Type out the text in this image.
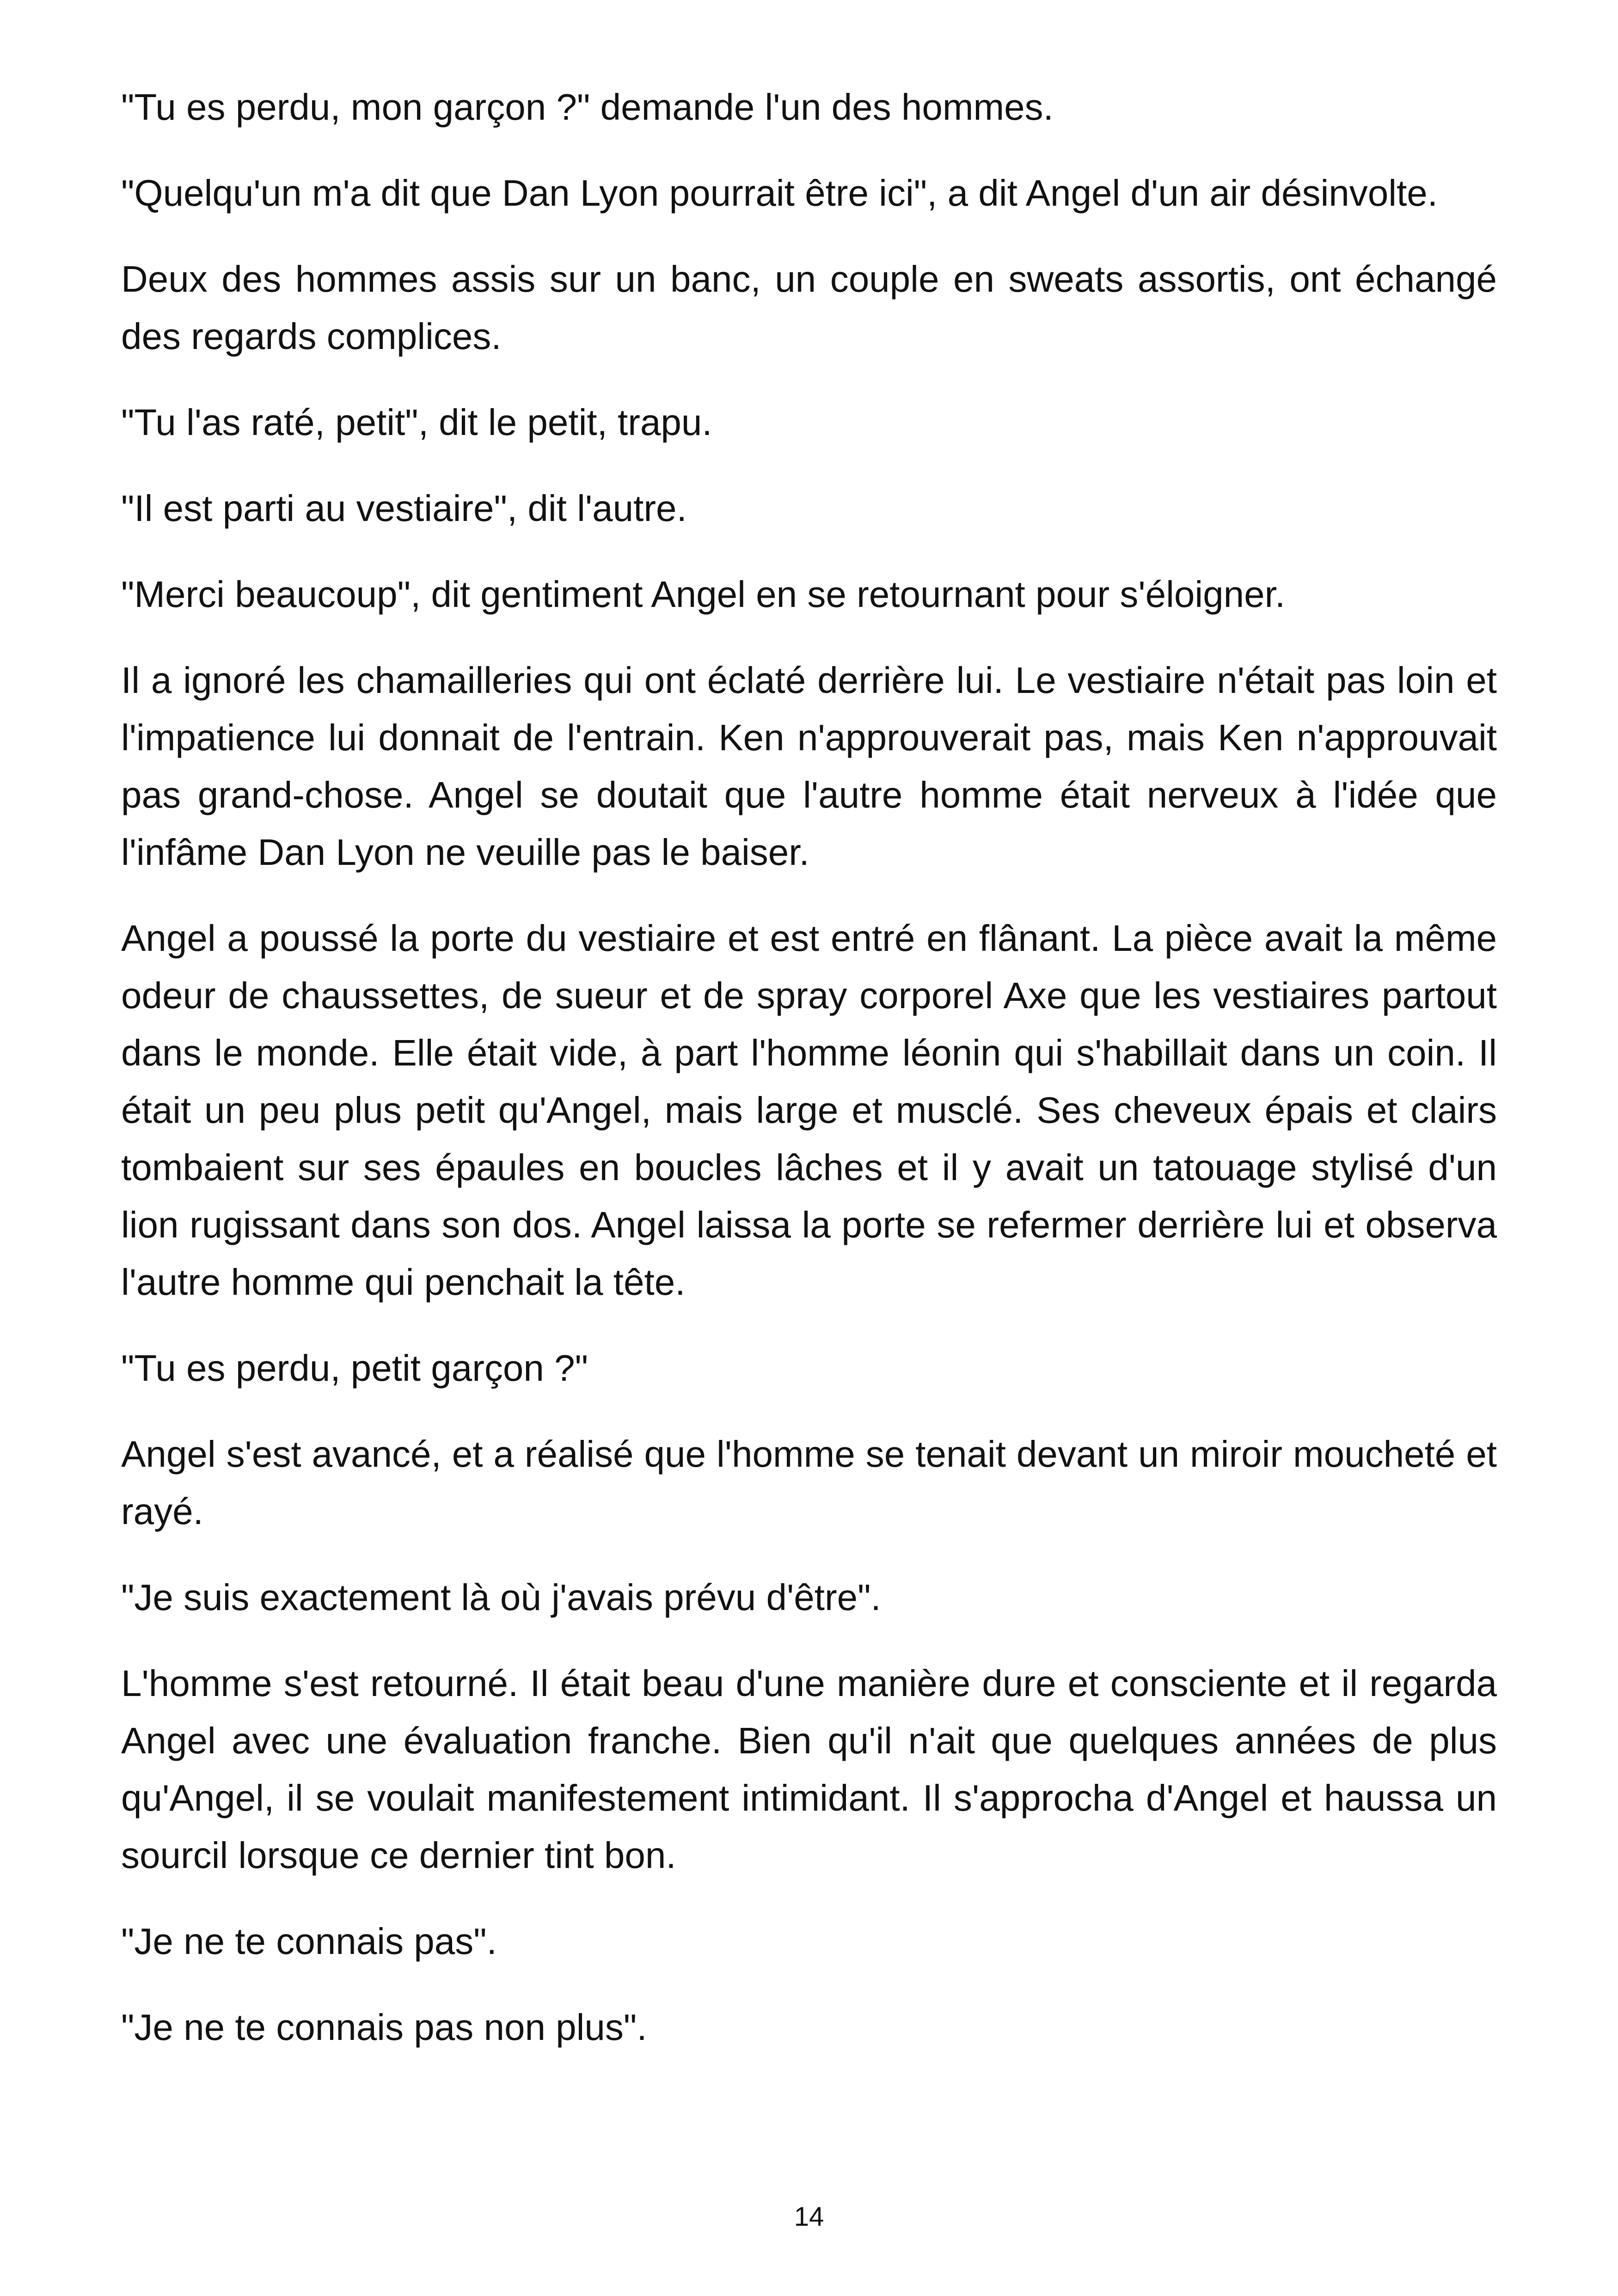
"Tu es perdu, mon garçon ?" demande l'un des hommes.

"Quelqu'un m'a dit que Dan Lyon pourrait être ici", a dit Angel d'un air désinvolte.

Deux des hommes assis sur un banc, un couple en sweats assortis, ont échangé des regards complices.

"Tu l'as raté, petit", dit le petit, trapu.

"Il est parti au vestiaire", dit l'autre.

"Merci beaucoup", dit gentiment Angel en se retournant pour s'éloigner.

Il a ignoré les chamailleries qui ont éclaté derrière lui. Le vestiaire n'était pas loin et l'impatience lui donnait de l'entrain. Ken n'approuverait pas, mais Ken n'approuvait pas grand-chose. Angel se doutait que l'autre homme était nerveux à l'idée que l'infâme Dan Lyon ne veuille pas le baiser.

Angel a poussé la porte du vestiaire et est entré en flânant. La pièce avait la même odeur de chaussettes, de sueur et de spray corporel Axe que les vestiaires partout dans le monde. Elle était vide, à part l'homme léonin qui s'habillait dans un coin. Il était un peu plus petit qu'Angel, mais large et musclé. Ses cheveux épais et clairs tombaient sur ses épaules en boucles lâches et il y avait un tatouage stylisé d'un lion rugissant dans son dos. Angel laissa la porte se refermer derrière lui et observa l'autre homme qui penchait la tête.

"Tu es perdu, petit garçon ?"

Angel s'est avancé, et a réalisé que l'homme se tenait devant un miroir moucheté et rayé.

"Je suis exactement là où j'avais prévu d'être".

L'homme s'est retourné. Il était beau d'une manière dure et consciente et il regarda Angel avec une évaluation franche. Bien qu'il n'ait que quelques années de plus qu'Angel, il se voulait manifestement intimidant. Il s'approcha d'Angel et haussa un sourcil lorsque ce dernier tint bon.

"Je ne te connais pas".

"Je ne te connais pas non plus".

14
